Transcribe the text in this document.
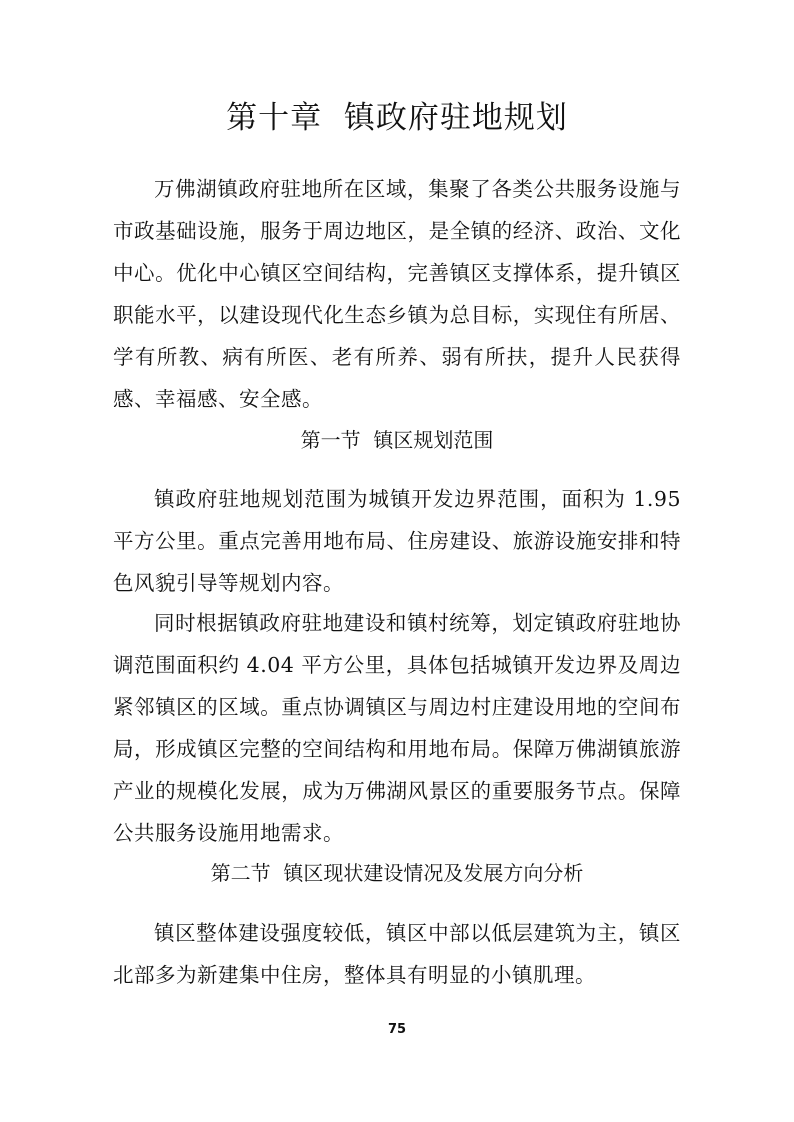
第十章  镇政府驻地规划

万佛湖镇政府驻地所在区域，集聚了各类公共服务设施与市政基础设施，服务于周边地区，是全镇的经济、政治、文化中心。优化中心镇区空间结构，完善镇区支撑体系，提升镇区职能水平，以建设现代化生态乡镇为总目标，实现住有所居、学有所教、病有所医、老有所养、弱有所扶，提升人民获得感、幸福感、安全感。

第一节  镇区规划范围

镇政府驻地规划范围为城镇开发边界范围，面积为 1.95 平方公里。重点完善用地布局、住房建设、旅游设施安排和特色风貌引导等规划内容。

同时根据镇政府驻地建设和镇村统筹，划定镇政府驻地协调范围面积约 4.04 平方公里，具体包括城镇开发边界及周边紧邻镇区的区域。重点协调镇区与周边村庄建设用地的空间布局，形成镇区完整的空间结构和用地布局。保障万佛湖镇旅游产业的规模化发展，成为万佛湖风景区的重要服务节点。保障公共服务设施用地需求。

第二节  镇区现状建设情况及发展方向分析

镇区整体建设强度较低，镇区中部以低层建筑为主，镇区北部多为新建集中住房，整体具有明显的小镇肌理。

75
